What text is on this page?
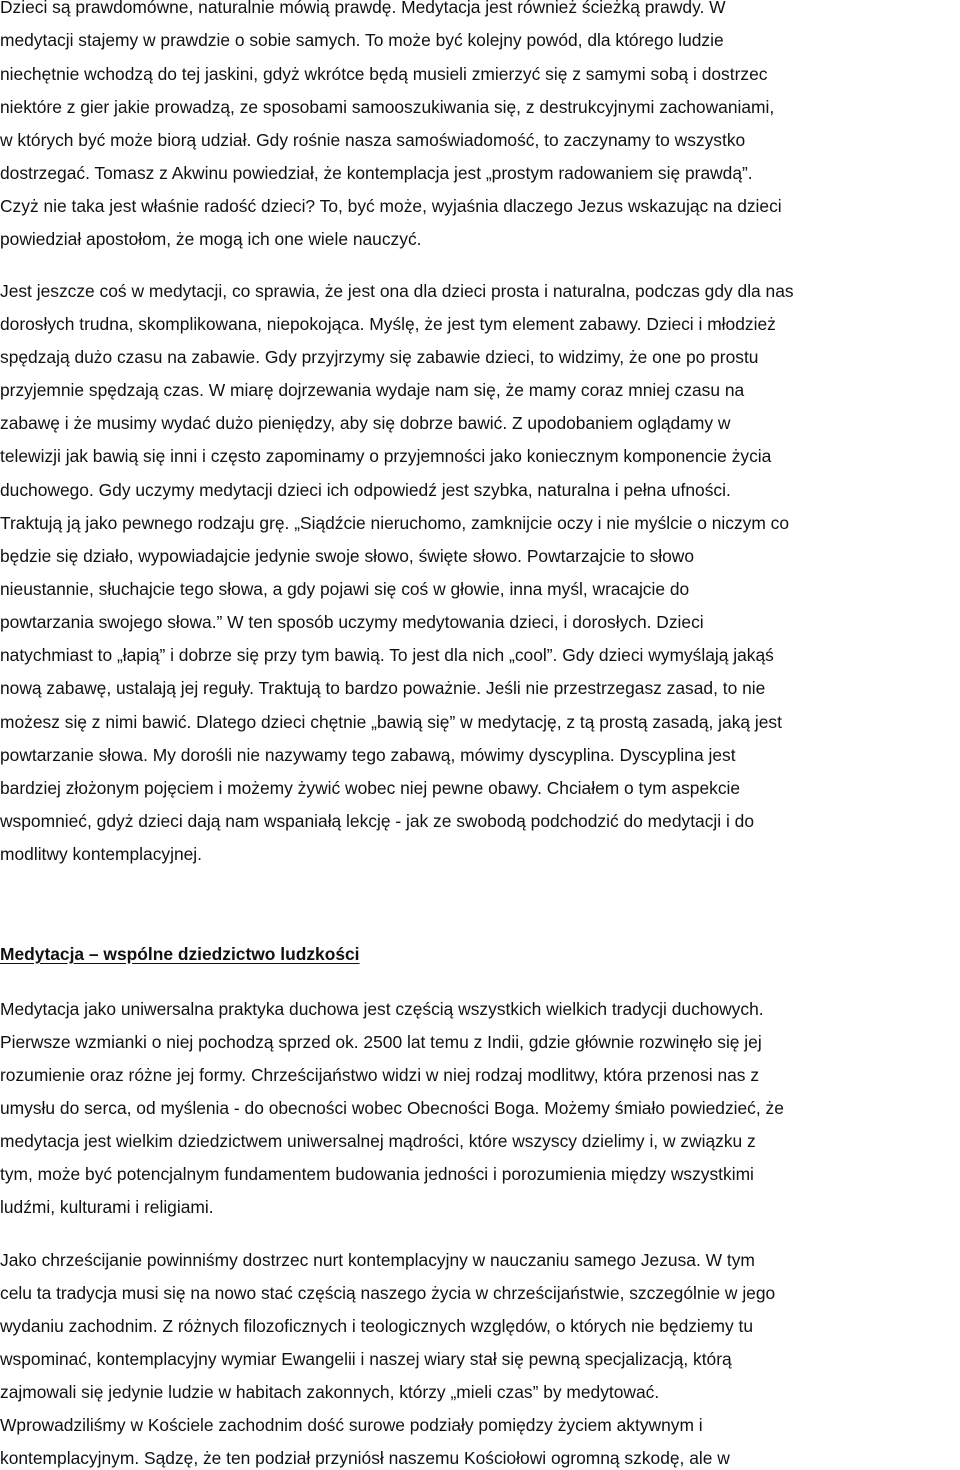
Dzieci są prawdomówne, naturalnie mówią prawdę. Medytacja jest również ścieżką prawdy. W
medytacji stajemy w prawdzie o sobie samych. To może być kolejny powód, dla którego ludzie
niechętnie wchodzą do tej jaskini, gdyż wkrótce będą musieli zmierzyć się z samymi sobą i dostrzec
niektóre z gier jakie prowadzą, ze sposobami samooszukiwania się, z destrukcyjnymi zachowaniami,
w których być może biorą udział. Gdy rośnie nasza samoświadomość, to zaczynamy to wszystko
dostrzegać. Tomasz z Akwinu powiedział, że kontemplacja jest „prostym radowaniem się prawdą”.
Czyż nie taka jest właśnie radość dzieci? To, być może, wyjaśnia dlaczego Jezus wskazując na dzieci
powiedział apostołom, że mogą ich one wiele nauczyć.
Jest jeszcze coś w medytacji, co sprawia, że jest ona dla dzieci prosta i naturalna, podczas gdy dla nas
dorosłych trudna, skomplikowana, niepokojąca. Myślę, że jest tym element zabawy. Dzieci i młodzież
spędzają dużo czasu na zabawie. Gdy przyjrzymy się zabawie dzieci, to widzimy, że one po prostu
przyjemnie spędzają czas. W miarę dojrzewania wydaje nam się, że mamy coraz mniej czasu na
zabawę i że musimy wydać dużo pieniędzy, aby się dobrze bawić. Z upodobaniem oglądamy w
telewizji jak bawią się inni i często zapominamy o przyjemności jako koniecznym komponencie życia
duchowego. Gdy uczymy medytacji dzieci ich odpowiedź jest szybka, naturalna i pełna ufności.
Traktują ją jako pewnego rodzaju grę. „Siądźcie nieruchomo, zamknijcie oczy i nie myślcie o niczym co
będzie się działo, wypowiadajcie jedynie swoje słowo, święte słowo. Powtarzajcie to słowo
nieustannie, słuchajcie tego słowa, a gdy pojawi się coś w głowie, inna myśl, wracajcie do
powtarzania swojego słowa.” W ten sposób uczymy medytowania dzieci, i dorosłych. Dzieci
natychmiast to „łapią” i dobrze się przy tym bawią. To jest dla nich „cool”. Gdy dzieci wymyślają jakąś
nową zabawę, ustalają jej reguły. Traktują to bardzo poważnie. Jeśli nie przestrzegasz zasad, to nie
możesz się z nimi bawić. Dlatego dzieci chętnie „bawią się” w medytację, z tą prostą zasadą, jaką jest
powtarzanie słowa. My dorośli nie nazywamy tego zabawą, mówimy dyscyplina. Dyscyplina jest
bardziej złożonym pojęciem i możemy żywić wobec niej pewne obawy. Chciałem o tym aspekcie
wspomnieć, gdyż dzieci dają nam wspaniałą lekcję - jak ze swobodą podchodzić do medytacji i do
modlitwy kontemplacyjnej.
Medytacja – wspólne dziedzictwo ludzkości
Medytacja jako uniwersalna praktyka duchowa jest częścią wszystkich wielkich tradycji duchowych.
Pierwsze wzmianki o niej pochodzą sprzed ok. 2500 lat temu z Indii, gdzie głównie rozwinęło się jej
rozumienie oraz różne jej formy. Chrześcijaństwo widzi w niej rodzaj modlitwy, która przenosi nas z
umysłu do serca, od myślenia - do obecności wobec Obecności Boga. Możemy śmiało powiedzieć, że
medytacja jest wielkim dziedzictwem uniwersalnej mądrości, które wszyscy dzielimy i, w związku z
tym, może być potencjalnym fundamentem budowania jedności i porozumienia między wszystkimi
ludźmi, kulturami i religiami.
Jako chrześcijanie powinniśmy dostrzec nurt kontemplacyjny w nauczaniu samego Jezusa. W tym
celu ta tradycja musi się na nowo stać częścią naszego życia w chrześcijaństwie, szczególnie w jego
wydaniu zachodnim. Z różnych filozoficznych i teologicznych względów, o których nie będziemy tu
wspominać, kontemplacyjny wymiar Ewangelii i naszej wiary stał się pewną specjalizacją, którą
zajmowali się jedynie ludzie w habitach zakonnych, którzy „mieli czas” by medytować.
Wprowadziliśmy w Kościele zachodnim dość surowe podziały pomiędzy życiem aktywnym i
kontemplacyjnym. Sądzę, że ten podział przyniósł naszemu Kościołowi ogromną szkodę, ale w
